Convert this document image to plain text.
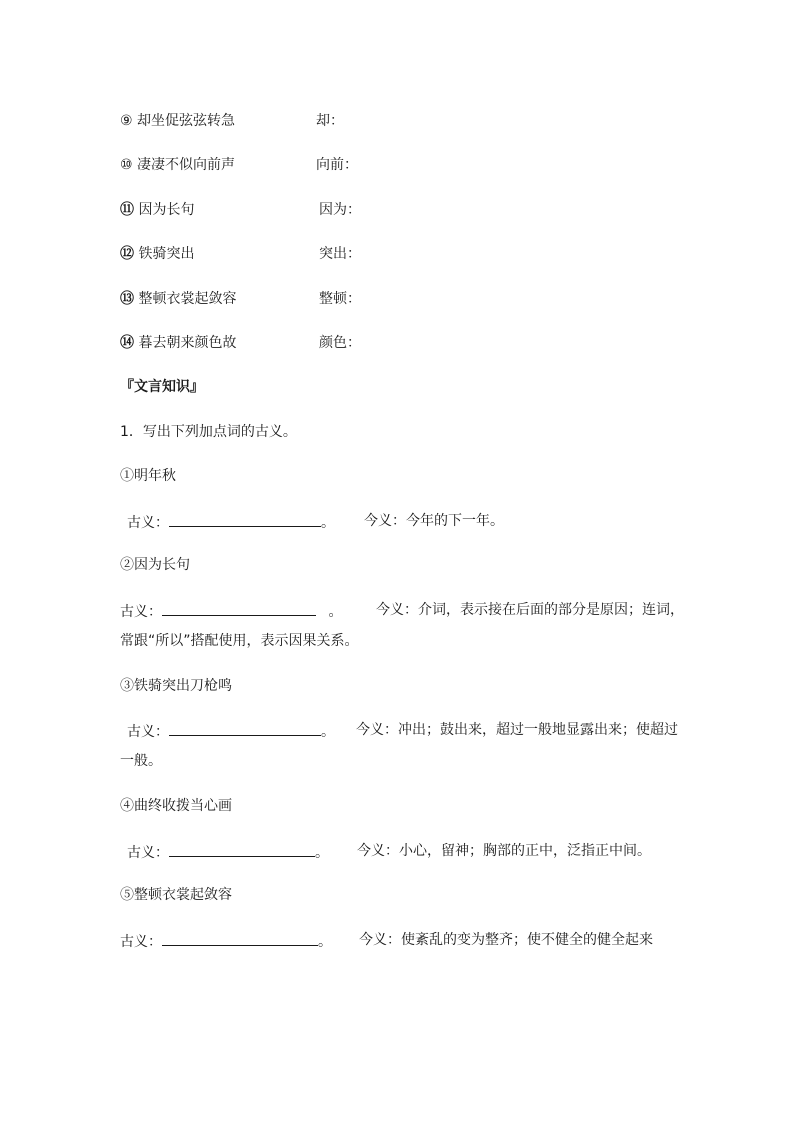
⑨ 却坐促弦弦转急	却：
⑩ 凄凄不似向前声	向前：
⑪ 因为长句	因为：
⑫ 铁骑突出	突出：
⑬ 整顿衣裳起敛容	整顿：
⑭ 暮去朝来颜色故	颜色：
『文言知识』
1．写出下列加点词的古义。
①明年秋
古义：	。 今义：今年的下一年。
②因为长句
古义：	。 今义：介词，表示接在后面的部分是原因；连词，
常跟“所以”搭配使用，表示因果关系。
③铁骑突出刀枪鸣
古义：	。 今义：冲出；鼓出来，超过一般地显露出来；使超过
一般。
④曲终收拨当心画
古义：	。 今义：小心，留神；胸部的正中，泛指正中间。
⑤整顿衣裳起敛容
古义：	。 今义：使紊乱的变为整齐；使不健全的健全起来
